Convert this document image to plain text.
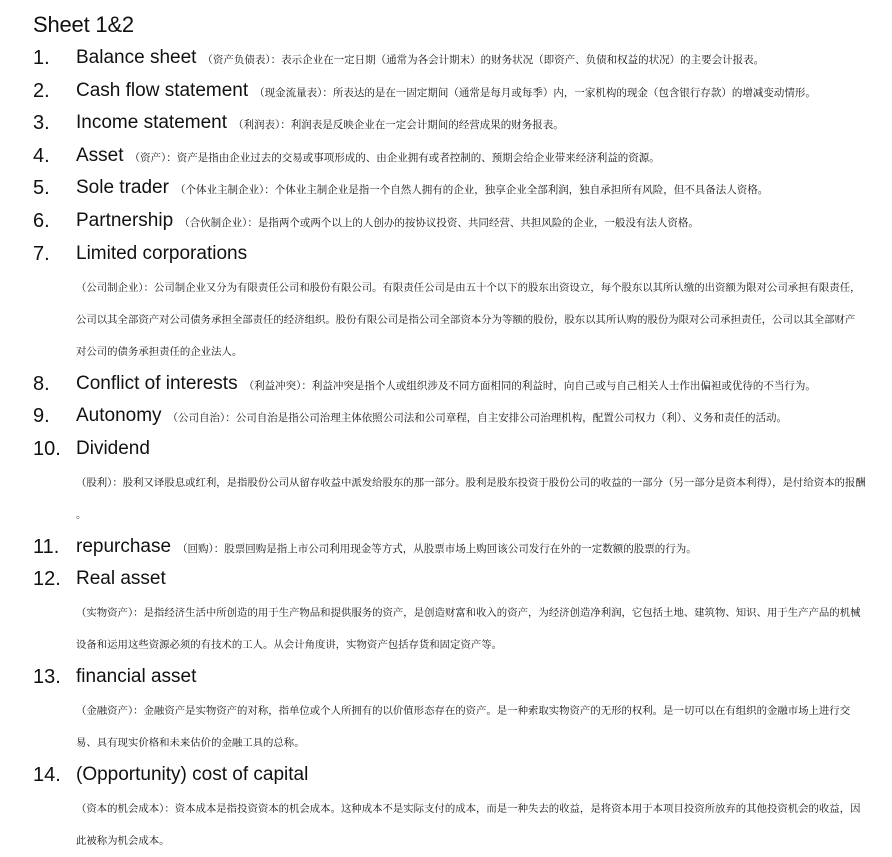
Sheet 1&2
1. Balance sheet （资产负债表）：表示企业在一定日期（通常为各会计期末）的财务状况（即资产、负债和权益的状况）的主要会计报表。
2. Cash flow statement （现金流量表）：所表达的是在一固定期间（通常是每月或每季）内，一家机构的现金（包含银行存款）的增减变动情形。
3. Income statement （利润表）：利润表是反映企业在一定会计期间的经营成果的财务报表。
4. Asset （资产）：资产是指由企业过去的交易或事项形成的、由企业拥有或者控制的、预期会给企业带来经济利益的资源。
5. Sole trader （个体业主制企业）：个体业主制企业是指一个自然人拥有的企业，独享企业全部利润，独自承担所有风险，但不具备法人资格。
6. Partnership （合伙制企业）：是指两个或两个以上的人创办的按协议投资、共同经营、共担风险的企业，一般没有法人资格。
7. Limited corporations
（公司制企业）：公司制企业又分为有限责任公司和股份有限公司。有限责任公司是由五十个以下的股东出资设立，每个股东以其所认缴的出资额为限对公司承担有限责任，
公司以其全部资产对公司债务承担全部责任的经济组织。股份有限公司是指公司全部资本分为等额的股份，股东以其所认购的股份为限对公司承担责任，公司以其全部财产
对公司的债务承担责任的企业法人。
8. Conflict of interests （利益冲突）：利益冲突是指个人或组织涉及不同方面相同的利益时，向自己或与自己相关人士作出偏袒或优待的不当行为。
9. Autonomy （公司自治）：公司自治是指公司治理主体依照公司法和公司章程，自主安排公司治理机构，配置公司权力（利）、义务和责任的活动。
10. Dividend
（股利）：股利又译股息或红利，是指股份公司从留存收益中派发给股东的那一部分。股利是股东投资于股份公司的收益的一部分（另一部分是资本利得），是付给资本的报酬
。
11. repurchase （回购）：股票回购是指上市公司利用现金等方式，从股票市场上购回该公司发行在外的一定数额的股票的行为。
12. Real asset
（实物资产）：是指经济生活中所创造的用于生产物品和提供服务的资产，是创造财富和收入的资产，为经济创造净利润，它包括土地、建筑物、知识、用于生产产品的机械
设备和运用这些资源必须的有技术的工人。从会计角度讲，实物资产包括存货和固定资产等。
13. financial asset
（金融资产）：金融资产是实物资产的对称，指单位或个人所拥有的以价值形态存在的资产。是一种索取实物资产的无形的权利。是一切可以在有组织的金融市场上进行交
易、具有现实价格和未来估价的金融工具的总称。
14. (Opportunity) cost of capital
（资本的机会成本）：资本成本是指投资资本的机会成本。这种成本不是实际支付的成本，而是一种失去的收益，是将资本用于本项目投资所放弃的其他投资机会的收益，因
此被称为机会成本。
